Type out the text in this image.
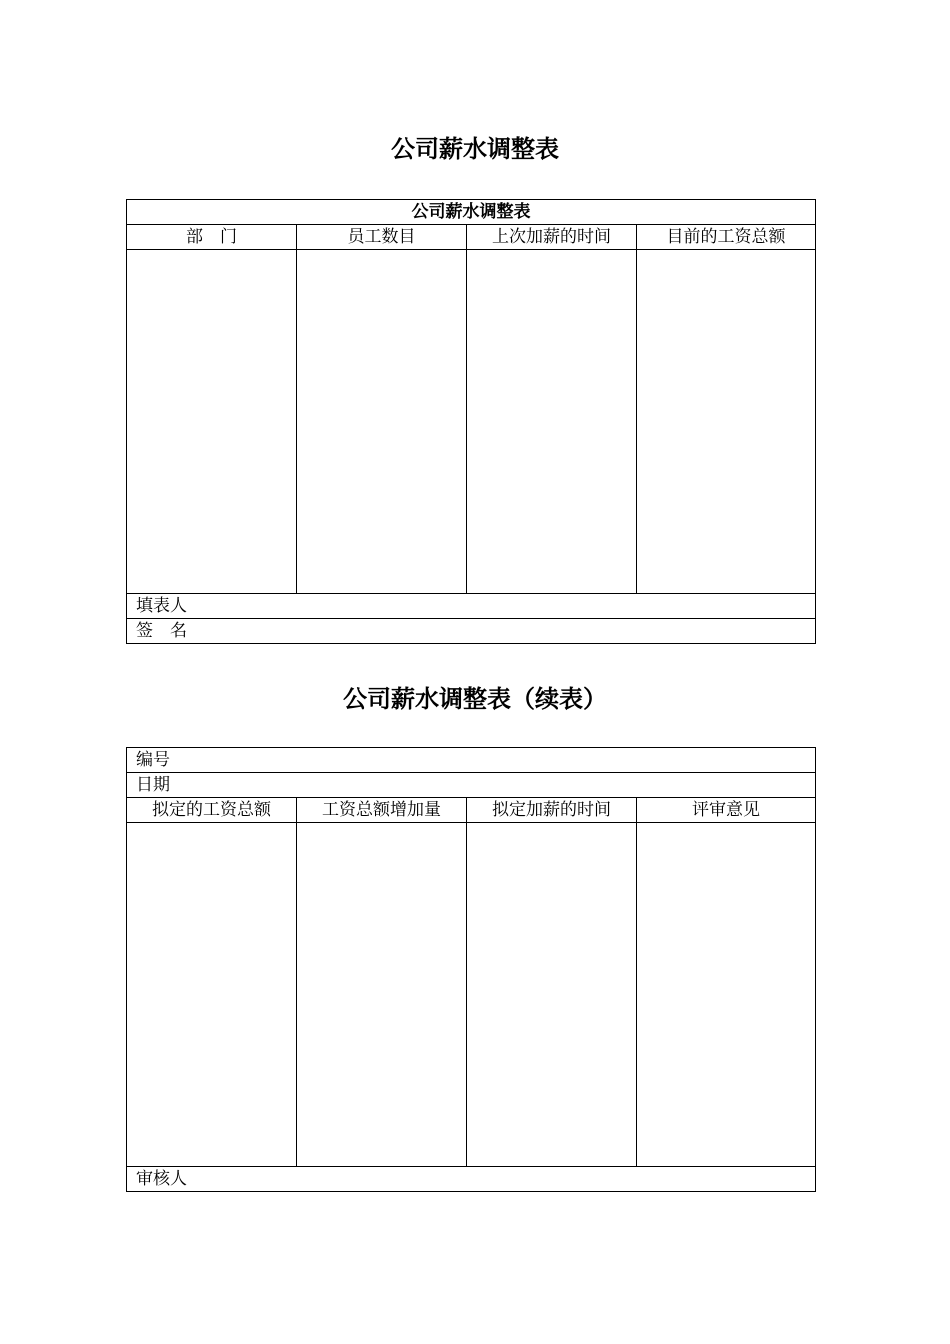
公司薪水调整表
公司薪水调整表			
部　门	员工数目	上次加薪的时间	目前的工资总额

填表人			
签　名			
公司薪水调整表（续表）
编号			
日期			
拟定的工资总额	工资总额增加量	拟定加薪的时间	评审意见

审核人			
